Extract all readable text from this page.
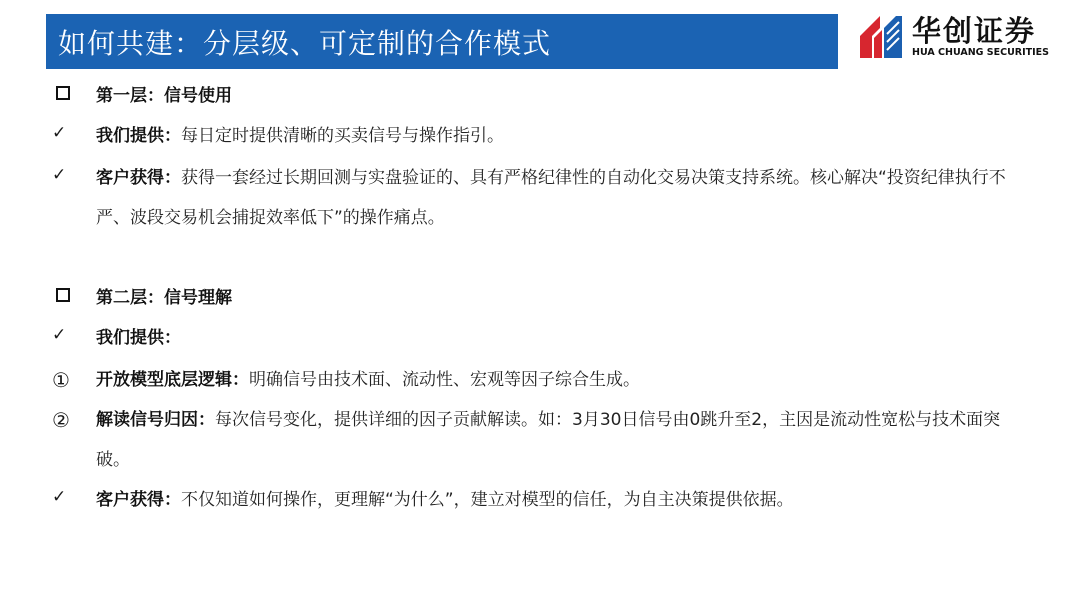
如何共建：分层级、可定制的合作模式	华创证券
HUA CHUANG SECURITIES
第一层：信号使用
✓	我们提供：每日定时提供清晰的买卖信号与操作指引。
✓	客户获得：获得一套经过长期回测与实盘验证的、具有严格纪律性的自动化交易决策支持系统。核心解决“投资纪律执行不严、波段交易机会捕捉效率低下”的操作痛点。
第二层：信号理解
✓	我们提供：
①	开放模型底层逻辑：明确信号由技术面、流动性、宏观等因子综合生成。
②	解读信号归因：每次信号变化，提供详细的因子贡献解读。如：3月30日信号由0跳升至2，主因是流动性宽松与技术面突破。
✓	客户获得：不仅知道如何操作，更理解“为什么”，建立对模型的信任，为自主决策提供依据。
